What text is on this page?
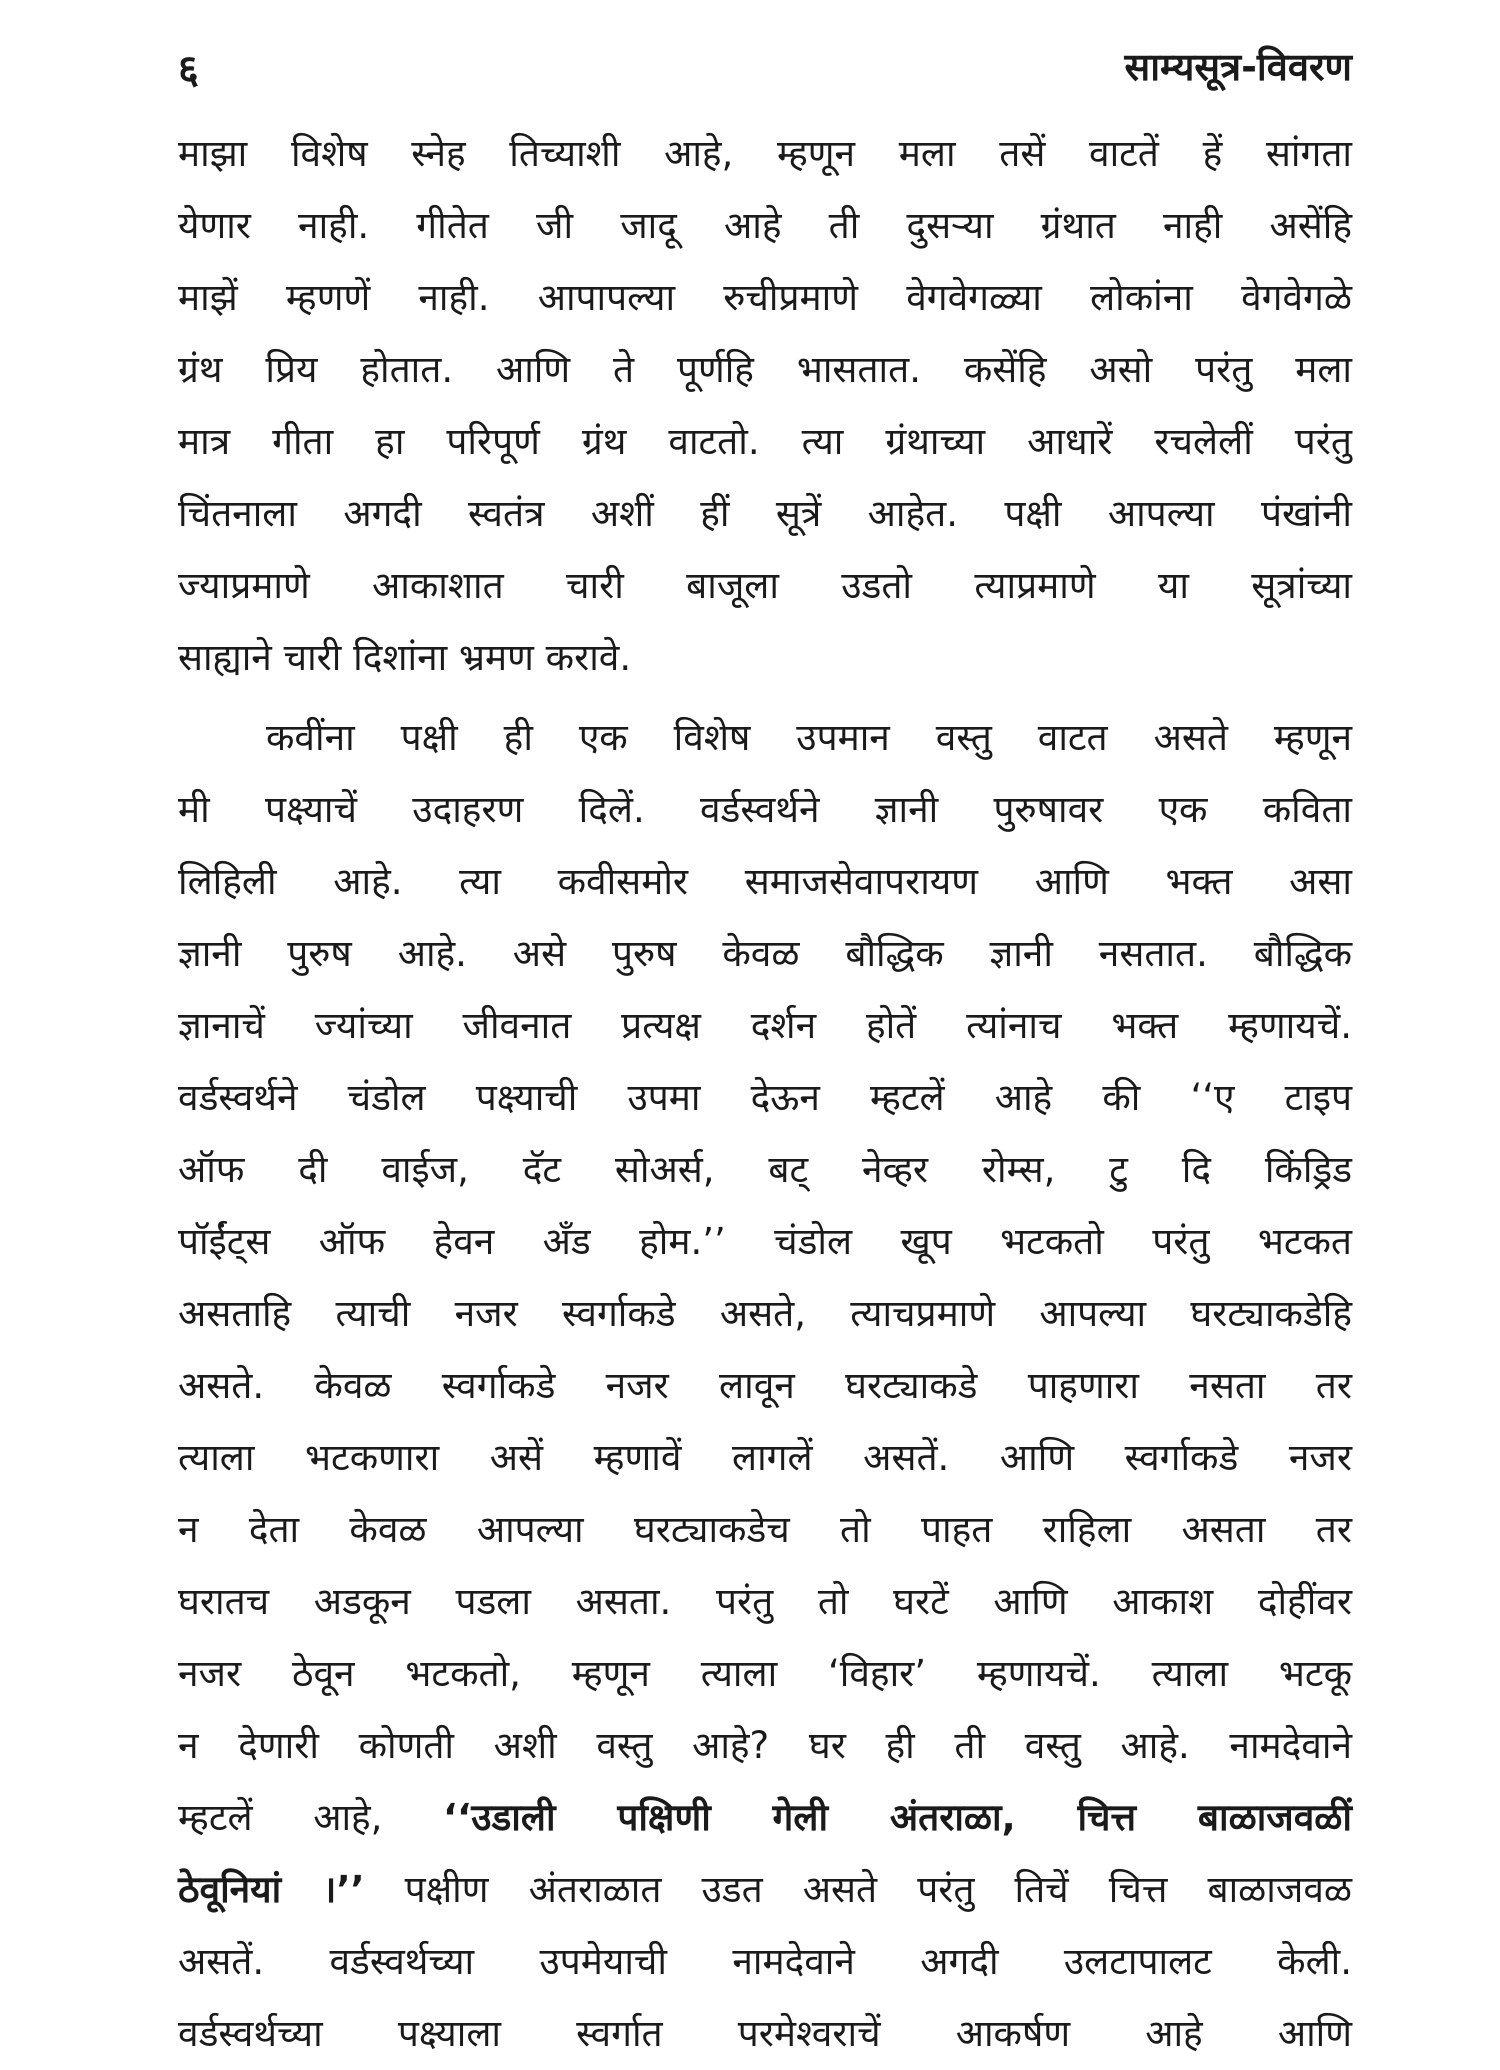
६	साम्यसूत्र-विवरण
माझा विशेष स्नेह तिच्याशी आहे, म्हणून मला तसें वाटतें हें सांगता
येणार नाही. गीतेत जी जादू आहे ती दुसऱ्या ग्रंथात नाही असेंहि
माझें म्हणणें नाही. आपापल्या रुचीप्रमाणे वेगवेगळ्या लोकांना वेगवेगळे
ग्रंथ प्रिय होतात. आणि ते पूर्णहि भासतात. कसेंहि असो परंतु मला
मात्र गीता हा परिपूर्ण ग्रंथ वाटतो. त्या ग्रंथाच्या आधारें रचलेलीं परंतु
चिंतनाला अगदी स्वतंत्र अशीं हीं सूत्रें आहेत. पक्षी आपल्या पंखांनी
ज्याप्रमाणे आकाशात चारी बाजूला उडतो त्याप्रमाणे या सूत्रांच्या
साह्याने चारी दिशांना भ्रमण करावे.
कवींना पक्षी ही एक विशेष उपमान वस्तु वाटत असते म्हणून
मी पक्ष्याचें उदाहरण दिलें. वर्डस्वर्थने ज्ञानी पुरुषावर एक कविता
लिहिली आहे. त्या कवीसमोर समाजसेवापरायण आणि भक्त असा
ज्ञानी पुरुष आहे. असे पुरुष केवळ बौद्धिक ज्ञानी नसतात. बौद्धिक
ज्ञानाचें ज्यांच्या जीवनात प्रत्यक्ष दर्शन होतें त्यांनाच भक्त म्हणायचें.
वर्डस्वर्थने चंडोल पक्ष्याची उपमा देऊन म्हटलें आहे की ‘‘ए टाइप
ऑफ दी वाईज, दॅट सोअर्स, बट् नेव्हर रोम्स, टु दि किंड्रिड
पॉईंट्स ऑफ हेवन अँड होम.’’ चंडोल खूप भटकतो परंतु भटकत
असताहि त्याची नजर स्वर्गाकडे असते, त्याचप्रमाणे आपल्या घरट्याकडेहि
असते. केवळ स्वर्गाकडे नजर लावून घरट्याकडे पाहणारा नसता तर
त्याला भटकणारा असें म्हणावें लागलें असतें. आणि स्वर्गाकडे नजर
न देता केवळ आपल्या घरट्याकडेच तो पाहत राहिला असता तर
घरातच अडकून पडला असता. परंतु तो घरटें आणि आकाश दोहींवर
नजर ठेवून भटकतो, म्हणून त्याला ‘विहार’ म्हणायचें. त्याला भटकू
न देणारी कोणती अशी वस्तु आहे? घर ही ती वस्तु आहे. नामदेवाने
म्हटलें आहे, ‘‘उडाली पक्षिणी गेली अंतराळा, चित्त बाळाजवळीं
ठेवूनियां ।’’ पक्षीण अंतराळात उडत असते परंतु तिचें चित्त बाळाजवळ
असतें. वर्डस्वर्थच्या उपमेयाची नामदेवाने अगदी उलटापालट केली.
वर्डस्वर्थच्या पक्ष्याला स्वर्गात परमेश्वराचें आकर्षण आहे आणि
